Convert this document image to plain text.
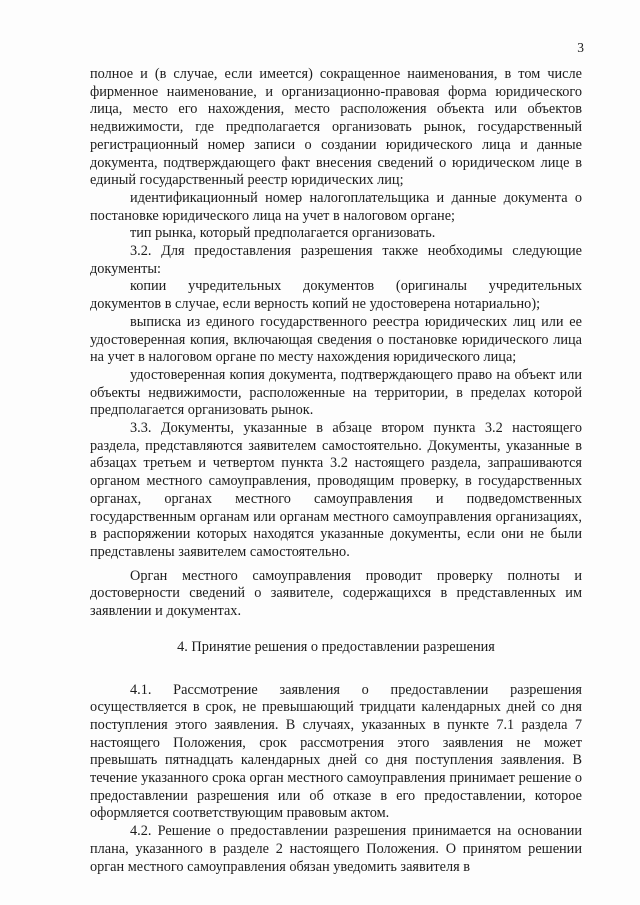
3

полное и (в случае, если имеется) сокращенное наименования, в том числе фирменное наименование, и организационно-правовая форма юридического лица, место его нахождения, место расположения объекта или объектов недвижимости, где предполагается организовать рынок, государственный регистрационный номер записи о создании юридического лица и данные документа, подтверждающего факт внесения сведений о юридическом лице в единый государственный реестр юридических лиц;

идентификационный номер налогоплательщика и данные документа о постановке юридического лица на учет в налоговом органе;

тип рынка, который предполагается организовать.

3.2. Для предоставления разрешения также необходимы следующие документы:

копии учредительных документов (оригиналы учредительных документов в случае, если верность копий не удостоверена нотариально);

выписка из единого государственного реестра юридических лиц или ее удостоверенная копия, включающая сведения о постановке юридического лица на учет в налоговом органе по месту нахождения юридического лица;

удостоверенная копия документа, подтверждающего право на объект или объекты недвижимости, расположенные на территории, в пределах которой предполагается организовать рынок.

3.3. Документы, указанные в абзаце втором пункта 3.2 настоящего раздела, представляются заявителем самостоятельно. Документы, указанные в абзацах третьем и четвертом пункта 3.2 настоящего раздела, запрашиваются органом местного самоуправления, проводящим проверку, в государственных органах, органах местного самоуправления и подведомственных государственным органам или органам местного самоуправления организациях, в распоряжении которых находятся указанные документы, если они не были представлены заявителем самостоятельно.

Орган местного самоуправления проводит проверку полноты и достоверности сведений о заявителе, содержащихся в представленных им заявлении и документах.

4. Принятие решения о предоставлении разрешения

4.1. Рассмотрение заявления о предоставлении разрешения осуществляется в срок, не превышающий тридцати календарных дней со дня поступления этого заявления. В случаях, указанных в пункте 7.1 раздела 7 настоящего Положения, срок рассмотрения этого заявления не может превышать пятнадцать календарных дней со дня поступления заявления. В течение указанного срока орган местного самоуправления принимает решение о предоставлении разрешения или об отказе в его предоставлении, которое оформляется соответствующим правовым актом.

4.2. Решение о предоставлении разрешения принимается на основании плана, указанного в разделе 2 настоящего Положения. О принятом решении орган местного самоуправления обязан уведомить заявителя в
